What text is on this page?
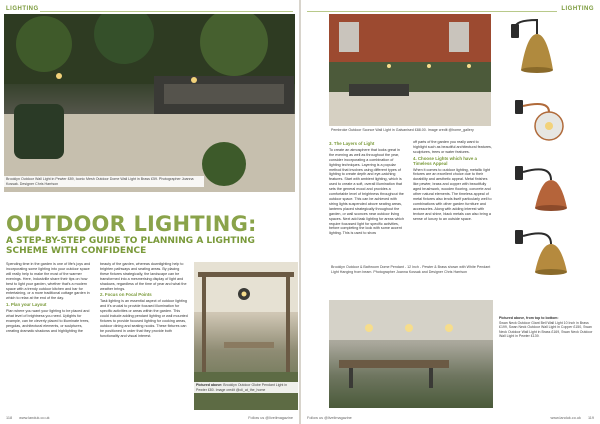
LIGHTING
Brooklyn Outdoor Wall Light in Pewter £89, Iconic Mesh Outdoor Dome Wall Light in Brass £59. Photographer Joanna Kossak. Designer Chris Harrison
OUTDOOR LIGHTING:
A STEP-BY-STEP GUIDE TO PLANNING A LIGHTING SCHEME WITH CONFIDENCE

Spending time in the garden is one of life's joys and incorporating some lighting into your outdoor space will really help to make the most of the warmer evenings. Here, Industville share their tips on how best to light your garden, whether that's a modern space with a trendy outdoor kitchen and bar for entertaining, or a more traditional cottage garden in which to relax at the end of the day.

1. Plan your Layout

Plan where you want your lighting to be placed and what level of brightness you need. Uplights for example, can be cleverly placed to illuminate trees, pergolas, architectural elements, or sculptures, creating dramatic shadows and highlighting the

beauty of the garden, whereas downlighting help to brighten pathways and seating areas. By placing these fixtures strategically, the landscape can be transformed into a mesmerising display of light and shadows, regardless of the time of year and what the weather brings.

2. Focus on Focal Points

Task lighting is an essential aspect of outdoor lighting and it's crucial to provide focused illumination for specific activities or areas within the garden. This could include adding pendant lighting or wall mounted fixtures to provide focused lighting for cooking areas, outdoor dining and seating nooks. These fixtures can be positioned in order that they provide both functionality and visual interest.

Pictured above: Brooklyn Outdoor Globe Pendant Light in Pewter £80. Image credit @oli_at_the_home
118 www.landuk.co.uk	Follow us @liveilmagazine
LIGHTING
Pembroke Outdoor Sconce Wall Light in Galvanised £88.00. Image credit @home_gallery
3. The Layers of Light

To create an atmosphere that looks great in the evening as well as throughout the year, consider incorporating a combination of lighting techniques. Layering is a popular method that involves using different types of lighting to create depth and eye-catching features. Start with ambient lighting, which is used to create a soft, overall illumination that sets the general mood and provides a comfortable level of brightness throughout the outdoor space. This can be achieved with string lights suspended above seating areas, lanterns placed strategically throughout the garden, or wall sconces near outdoor living spaces. Next add task lighting for areas which require focussed light for specific activities, before completing the look with some accent lighting. This is used to show

off parts of the garden you really want to highlight such as beautiful architectural features, sculptures, trees or water features.

4. Choose Lights which have a Timeless Appeal

When it comes to outdoor lighting, metallic light fixtures are an excellent choice due to their durability and aesthetic appeal. Metal finishes like pewter, brass and copper with beautifully aged brushwork, wooden flooring, concrete and other natural elements. The timeless appeal of metal fixtures also lends itself particularly well to combinations with other garden furniture and accessories. Along with adding interest with texture and shine, black metals can also bring a sense of luxury to an outside space.

Brooklyn Outdoor & Bathroom Dome Pendant - 12 Inch - Pewter & Brass shown with White Pendant Light Hanging from beam. Photographer Joanna Kossak and Designer Chris Harrison
Pictured above, from top to bottom:
Swan Neck Outdoor Giant Bell Wall Light 10 Inch in Brass £199, Swan Neck Outdoor Wall Light in Copper £150, Swan Neck Outdoor Wall Light in Brass £169, Swan Neck Outdoor Wall Light in Pewter £139.
Follow us @liveilmagazine	www.landuk.co.uk 119
